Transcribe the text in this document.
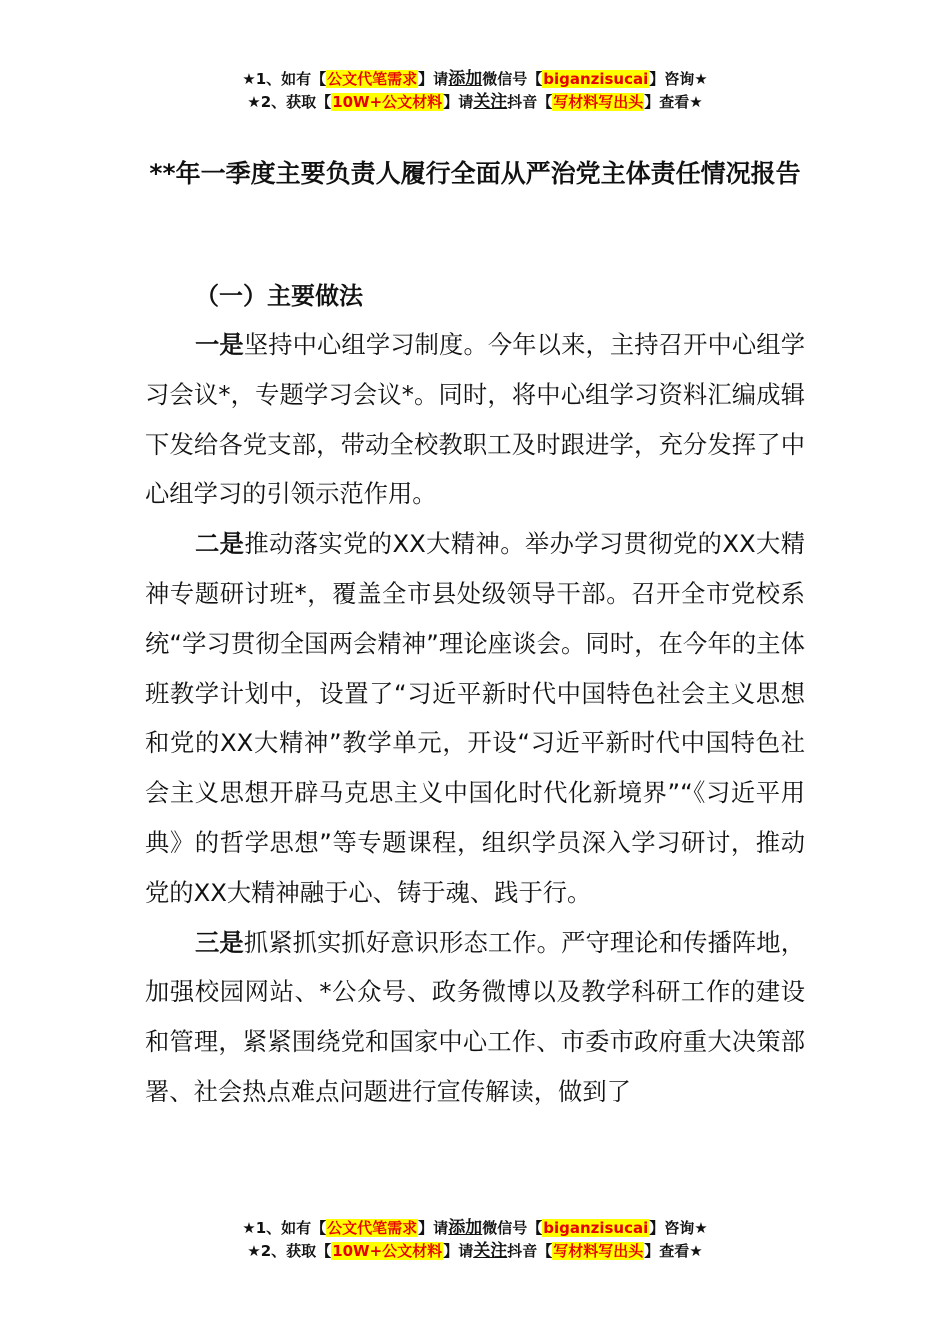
★1、如有【公文代笔需求】请添加微信号【biganzisucai】咨询★
★2、获取【10W+公文材料】请关注抖音【写材料写出头】查看★
**年一季度主要负责人履行全面从严治党主体责任情况报告
（一）主要做法

一是坚持中心组学习制度。今年以来，主持召开中心组学习会议*，专题学习会议*。同时，将中心组学习资料汇编成辑下发给各党支部，带动全校教职工及时跟进学，充分发挥了中心组学习的引领示范作用。

二是推动落实党的XX大精神。举办学习贯彻党的XX大精神专题研讨班*，覆盖全市县处级领导干部。召开全市党校系统“学习贯彻全国两会精神”理论座谈会。同时，在今年的主体班教学计划中，设置了“习近平新时代中国特色社会主义思想和党的XX大精神”教学单元，开设“习近平新时代中国特色社会主义思想开辟马克思主义中国化时代化新境界”“《习近平用典》的哲学思想”等专题课程，组织学员深入学习研讨，推动党的XX大精神融于心、铸于魂、践于行。

三是抓紧抓实抓好意识形态工作。严守理论和传播阵地，加强校园网站、*公众号、政务微博以及教学科研工作的建设和管理，紧紧围绕党和国家中心工作、市委市政府重大决策部署、社会热点难点问题进行宣传解读，做到了

★1、如有【公文代笔需求】请添加微信号【biganzisucai】咨询★
★2、获取【10W+公文材料】请关注抖音【写材料写出头】查看★
